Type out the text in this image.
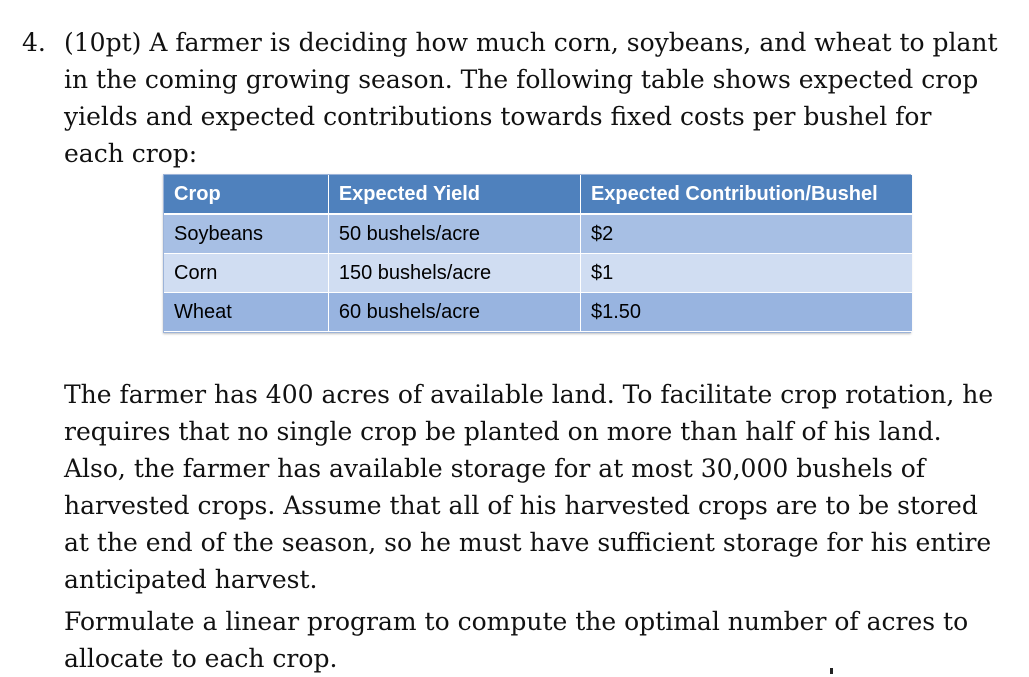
4. (10pt) A farmer is deciding how much corn, soybeans, and wheat to plant in the coming growing season. The following table shows expected crop yields and expected contributions towards fixed costs per bushel for each crop:

Crop	Expected Yield	Expected Contribution/Bushel
Soybeans	50 bushels/acre	$2
Corn	150 bushels/acre	$1
Wheat	60 bushels/acre	$1.50

The farmer has 400 acres of available land. To facilitate crop rotation, he requires that no single crop be planted on more than half of his land. Also, the farmer has available storage for at most 30,000 bushels of harvested crops. Assume that all of his harvested crops are to be stored at the end of the season, so he must have sufficient storage for his entire anticipated harvest.

Formulate a linear program to compute the optimal number of acres to allocate to each crop.
